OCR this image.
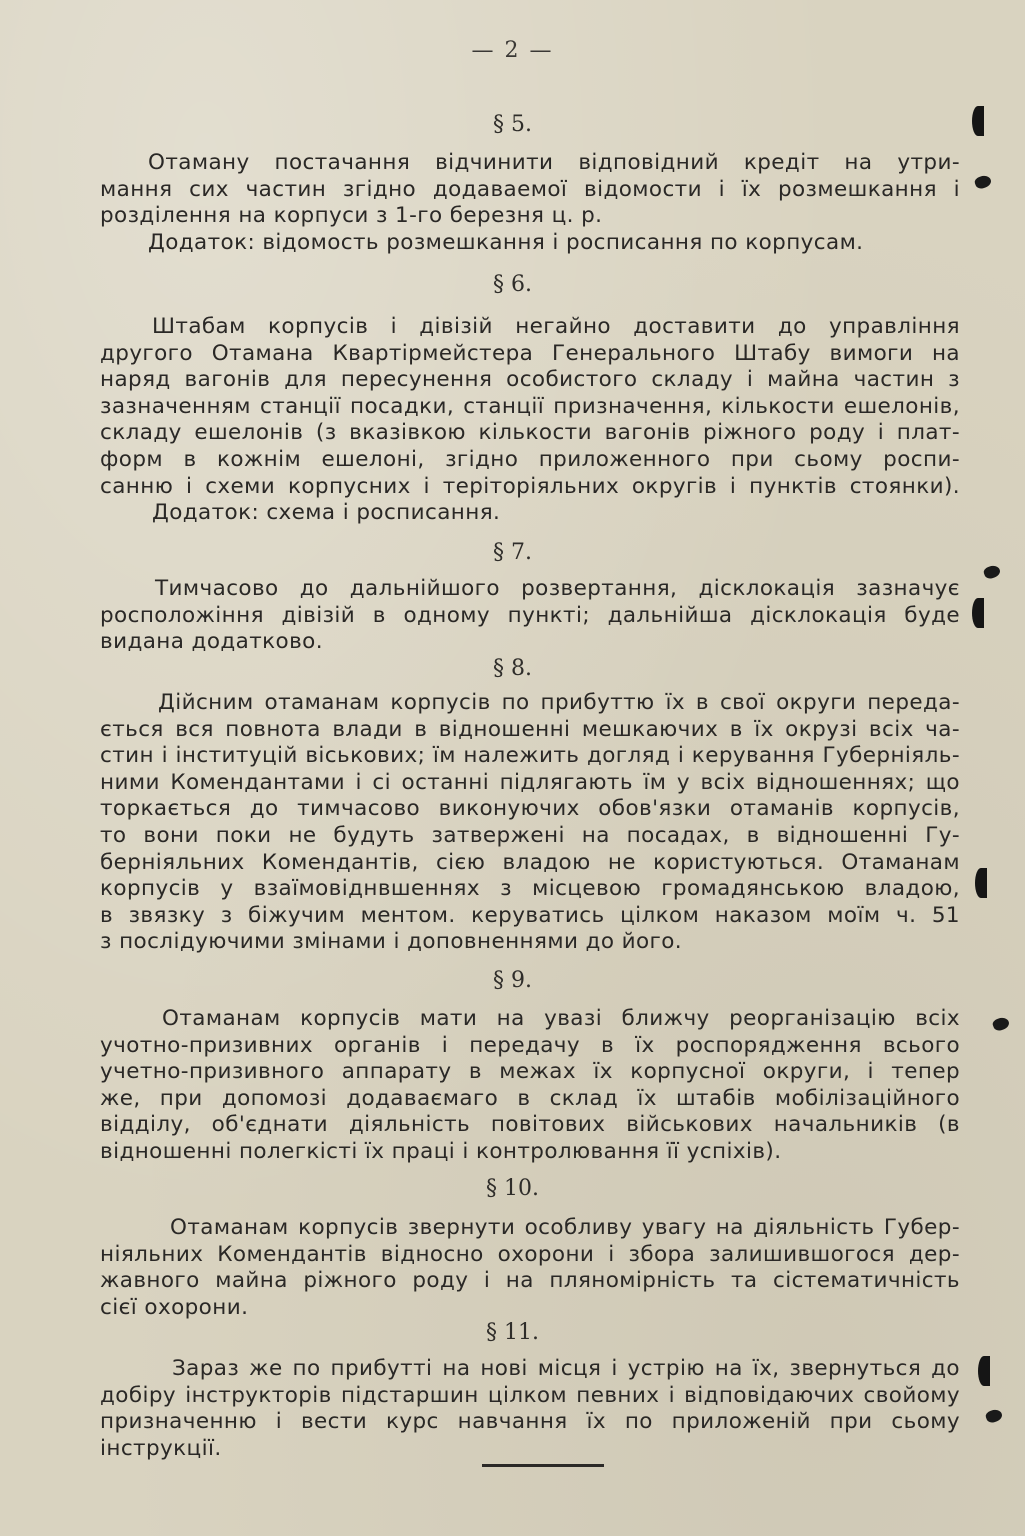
— 2 —
§ 5.
Отаману постачання відчинити відповідний кредіт на утри-
мання сих частин згідно додаваемої відомости і їх розмешкання і
розділення на корпуси з 1-го березня ц. р.
Додаток: відомость розмешкання і росписання по корпусам.
§ 6.
Штабам корпусів і дівізій негайно доставити до управління
другого Отамана Квартірмейстера Генерального Штабу вимоги на
наряд вагонів для пересунення особистого складу і майна частин з
зазначенням станції посадки, станції призначення, кількости ешелонів,
складу ешелонів (з вказівкою кількости вагонів ріжного роду і плат-
форм в кожнім ешелоні, згідно приложенного при сьому роспи-
санню і схеми корпусних і теріторіяльних округів і пунктів стоянки).
Додаток: схема і росписання.
§ 7.
Тимчасово до дальнійшого розвертання, дісклокація зазначує
росположіння дівізій в одному пункті; дальнійша дісклокація буде
видана додатково.
§ 8.
Дійсним отаманам корпусів по прибуттю їх в свої округи переда-
ється вся повнота влади в відношенні мешкаючих в їх окрузі всіх ча-
стин і інституцій віськових; їм належить догляд і керування Губерніяль-
ними Комендантами і сі останні підлягають їм у всіх відношеннях; що
торкається до тимчасово виконуючих обов'язки отаманів корпусів,
то вони поки не будуть затвержені на посадах, в відношенні Гу-
берніяльних Комендантів, сією владою не користуються. Отаманам
корпусів у взаїмовіднвшеннях з місцевою громадянською владою,
в звязку з біжучим ментом. керуватись цілком наказом моїм ч. 51
з послідуючими змінами і доповненнями до його.
§ 9.
Отаманам корпусів мати на увазі ближчу реорганізацію всіх
учотно-призивних органів і передачу в їх роспорядження всього
учетно-призивного аппарату в межах їх корпусної округи, і тепер
же, при допомозі додаваємаго в склад їх штабів мобілізаційного
відділу, об'єднати діяльність повітових військових начальників (в
відношенні полегкісті їх праці і контролювання її успіхів).
§ 10.
Отаманам корпусів звернути особливу увагу на діяльність Губер-
ніяльних Комендантів відносно охорони і збора залишившогося дер-
жавного майна ріжного роду і на пляномірність та сістематичність
сієї охорони.
§ 11.
Зараз же по прибутті на нові місця і устрію на їх, звернуться до
добіру інструкторів підстаршин цілком певних і відповідаючих свойому
призначенню і вести курс навчання їх по приложеній при сьому
інструкції.
